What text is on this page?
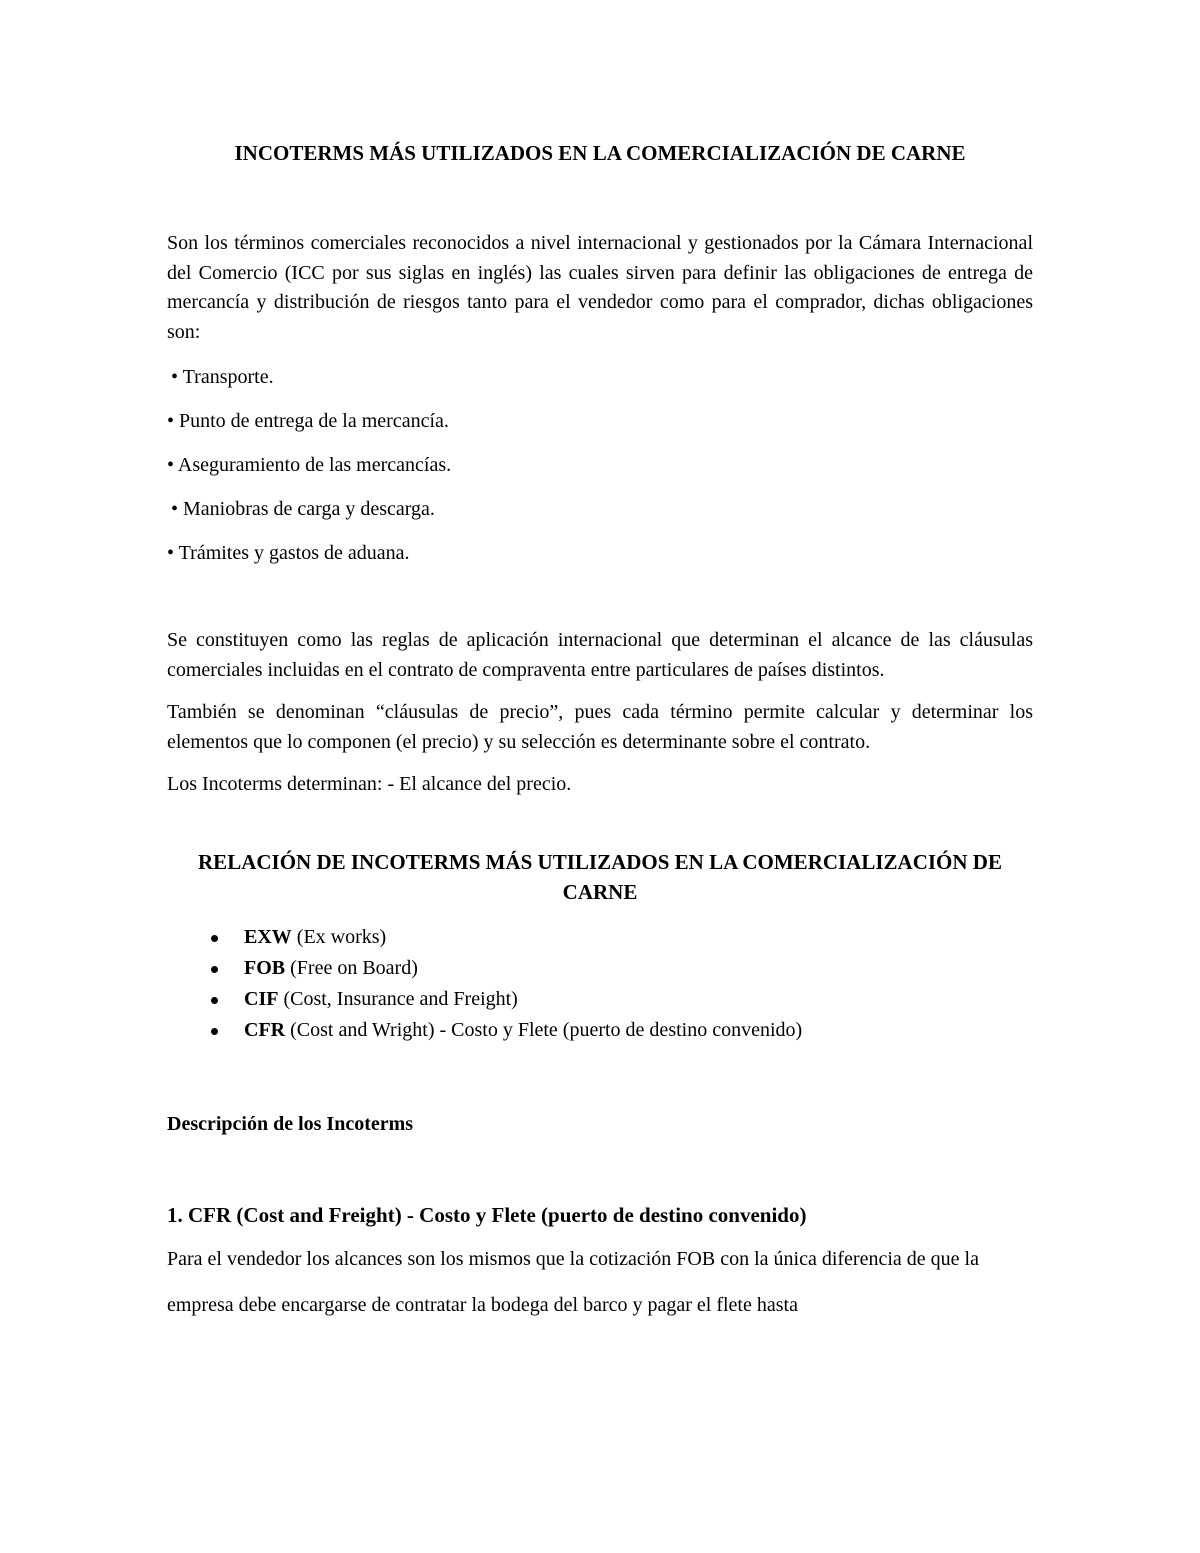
INCOTERMS MÁS UTILIZADOS EN LA COMERCIALIZACIÓN DE CARNE

Son los términos comerciales reconocidos a nivel internacional y gestionados por la Cámara Internacional del Comercio (ICC por sus siglas en inglés) las cuales sirven para definir las obligaciones de entrega de mercancía y distribución de riesgos tanto para el vendedor como para el comprador, dichas obligaciones son:

• Transporte.

• Punto de entrega de la mercancía.

• Aseguramiento de las mercancías.

• Maniobras de carga y descarga.

• Trámites y gastos de aduana.

Se constituyen como las reglas de aplicación internacional que determinan el alcance de las cláusulas comerciales incluidas en el contrato de compraventa entre particulares de países distintos.

También se denominan “cláusulas de precio”, pues cada término permite calcular y determinar los elementos que lo componen (el precio) y su selección es determinante sobre el contrato.

Los Incoterms determinan: - El alcance del precio.

RELACIÓN DE INCOTERMS MÁS UTILIZADOS EN LA COMERCIALIZACIÓN DE CARNE
EXW (Ex works)
FOB (Free on Board)
CIF (Cost, Insurance and Freight)
CFR (Cost and Wright) - Costo y Flete (puerto de destino convenido)
Descripción de los Incoterms
1. CFR (Cost and Freight) - Costo y Flete (puerto de destino convenido)

Para el vendedor los alcances son los mismos que la cotización FOB con la única diferencia de que la empresa debe encargarse de contratar la bodega del barco y pagar el flete hasta
